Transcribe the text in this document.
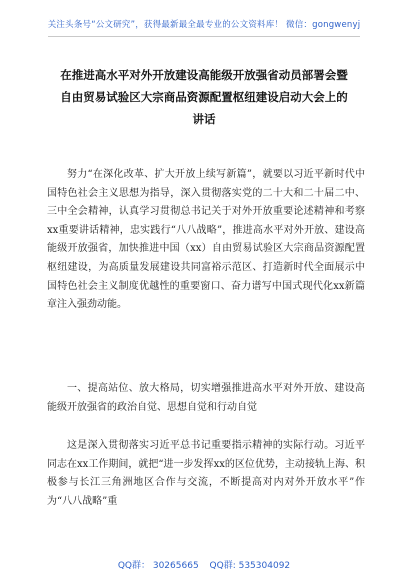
关注头条号“公文研究”，获得最新最全最专业的公文资料库！ 微信：gongwenyj
在推进高水平对外开放建设高能级开放强省动员部署会暨
自由贸易试验区大宗商品资源配置枢纽建设启动大会上的
讲话

努力“在深化改革、扩大开放上续写新篇”，就要以习近平新时代中国特色社会主义思想为指导，深入贯彻落实党的二十大和二十届二中、三中全会精神，认真学习贯彻总书记关于对外开放重要论述精神和考察xx重要讲话精神，忠实践行“八八战略”，推进高水平对外开放、建设高能级开放强省，加快推进中国（xx）自由贸易试验区大宗商品资源配置枢纽建设，为高质量发展建设共同富裕示范区、打造新时代全面展示中国特色社会主义制度优越性的重要窗口、奋力谱写中国式现代化xx新篇章注入强劲动能。

一、提高站位、放大格局，切实增强推进高水平对外开放、建设高能级开放强省的政治自觉、思想自觉和行动自觉

这是深入贯彻落实习近平总书记重要指示精神的实际行动。习近平同志在xx工作期间，就把“进一步发挥xx的区位优势，主动接轨上海、积极参与长江三角洲地区合作与交流，不断提高对内对外开放水平”作为“八八战略”重

QQ群： 30265665 QQ群: 535304092
